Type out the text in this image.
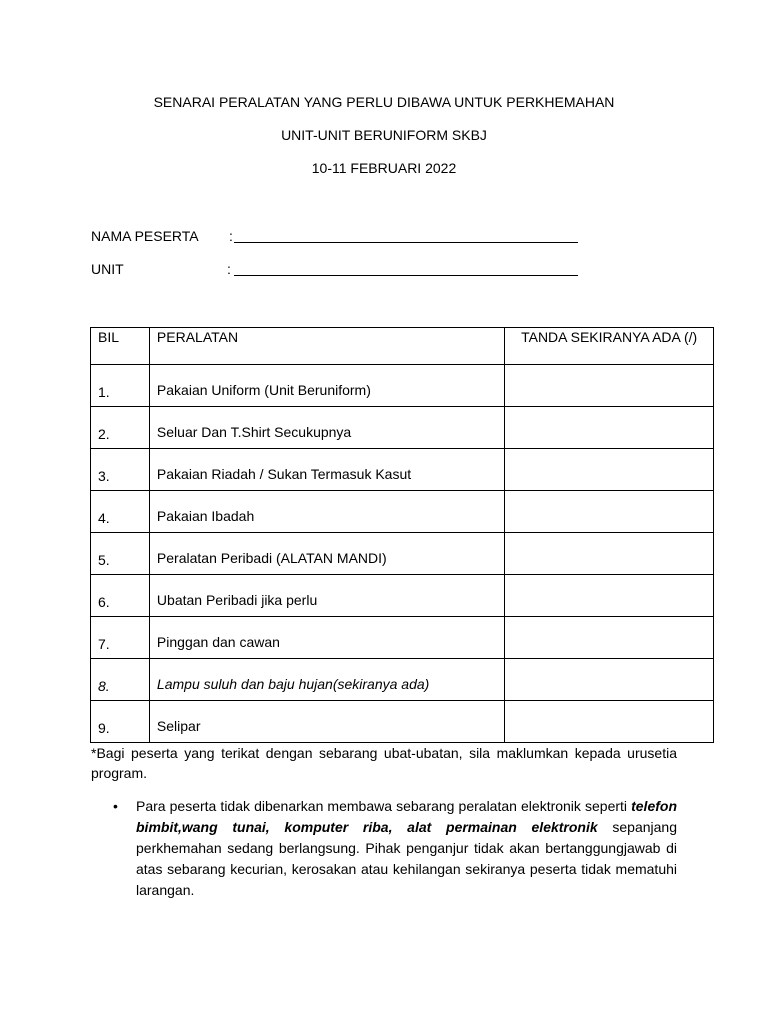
SENARAI PERALATAN YANG PERLU DIBAWA UNTUK PERKHEMAHAN
UNIT-UNIT BERUNIFORM SKBJ
10-11 FEBRUARI 2022
NAMA PESERTA :
UNIT	:
BIL	PERALATAN	TANDA SEKIRANYA ADA (/)
1.	Pakaian Uniform (Unit Beruniform)	
2.	Seluar Dan T.Shirt Secukupnya	
3.	Pakaian Riadah / Sukan Termasuk Kasut	
4.	Pakaian Ibadah	
5.	Peralatan Peribadi (ALATAN MANDI)	
6.	Ubatan Peribadi jika perlu	
7.	Pinggan dan cawan	
8.	Lampu suluh dan baju hujan(sekiranya ada)	
9.	Selipar	

*Bagi peserta yang terikat dengan sebarang ubat-ubatan, sila maklumkan kepada urusetia program.

• Para peserta tidak dibenarkan membawa sebarang peralatan elektronik seperti telefon bimbit,wang tunai, komputer riba, alat permainan elektronik sepanjang perkhemahan sedang berlangsung. Pihak penganjur tidak akan bertanggungjawab di atas sebarang kecurian, kerosakan atau kehilangan sekiranya peserta tidak mematuhi larangan.
